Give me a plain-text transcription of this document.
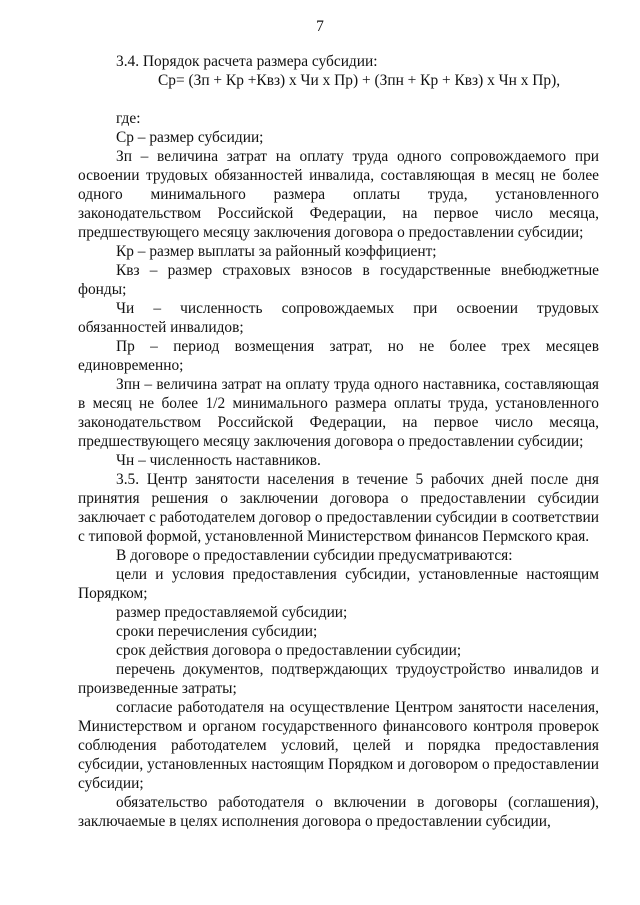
7

3.4. Порядок расчета размера субсидии:

Ср= (Зп + Кр +Квз) х Чи х Пр) + (Зпн + Кр + Квз) х Чн х Пр),

где:

Ср – размер субсидии;

Зп – величина затрат на оплату труда одного сопровождаемого при освоении трудовых обязанностей инвалида, составляющая в месяц не более одного минимального размера оплаты труда, установленного законодательством Российской Федерации, на первое число месяца, предшествующего месяцу заключения договора о предоставлении субсидии;

Кр – размер выплаты за районный коэффициент;

Квз – размер страховых взносов в государственные внебюджетные фонды;

Чи – численность сопровождаемых при освоении трудовых обязанностей инвалидов;

Пр – период возмещения затрат, но не более трех месяцев единовременно;

Зпн – величина затрат на оплату труда одного наставника, составляющая в месяц не более 1/2 минимального размера оплаты труда, установленного законодательством Российской Федерации, на первое число месяца, предшествующего месяцу заключения договора о предоставлении субсидии;

Чн – численность наставников.

3.5. Центр занятости населения в течение 5 рабочих дней после дня принятия решения о заключении договора о предоставлении субсидии заключает с работодателем договор о предоставлении субсидии в соответствии с типовой формой, установленной Министерством финансов Пермского края.

В договоре о предоставлении субсидии предусматриваются:

цели и условия предоставления субсидии, установленные настоящим Порядком;

размер предоставляемой субсидии;

сроки перечисления субсидии;

срок действия договора о предоставлении субсидии;

перечень документов, подтверждающих трудоустройство инвалидов и произведенные затраты;

согласие работодателя на осуществление Центром занятости населения, Министерством и органом государственного финансового контроля проверок соблюдения работодателем условий, целей и порядка предоставления субсидии, установленных настоящим Порядком и договором о предоставлении субсидии;

обязательство работодателя о включении в договоры (соглашения), заключаемые в целях исполнения договора о предоставлении субсидии,
